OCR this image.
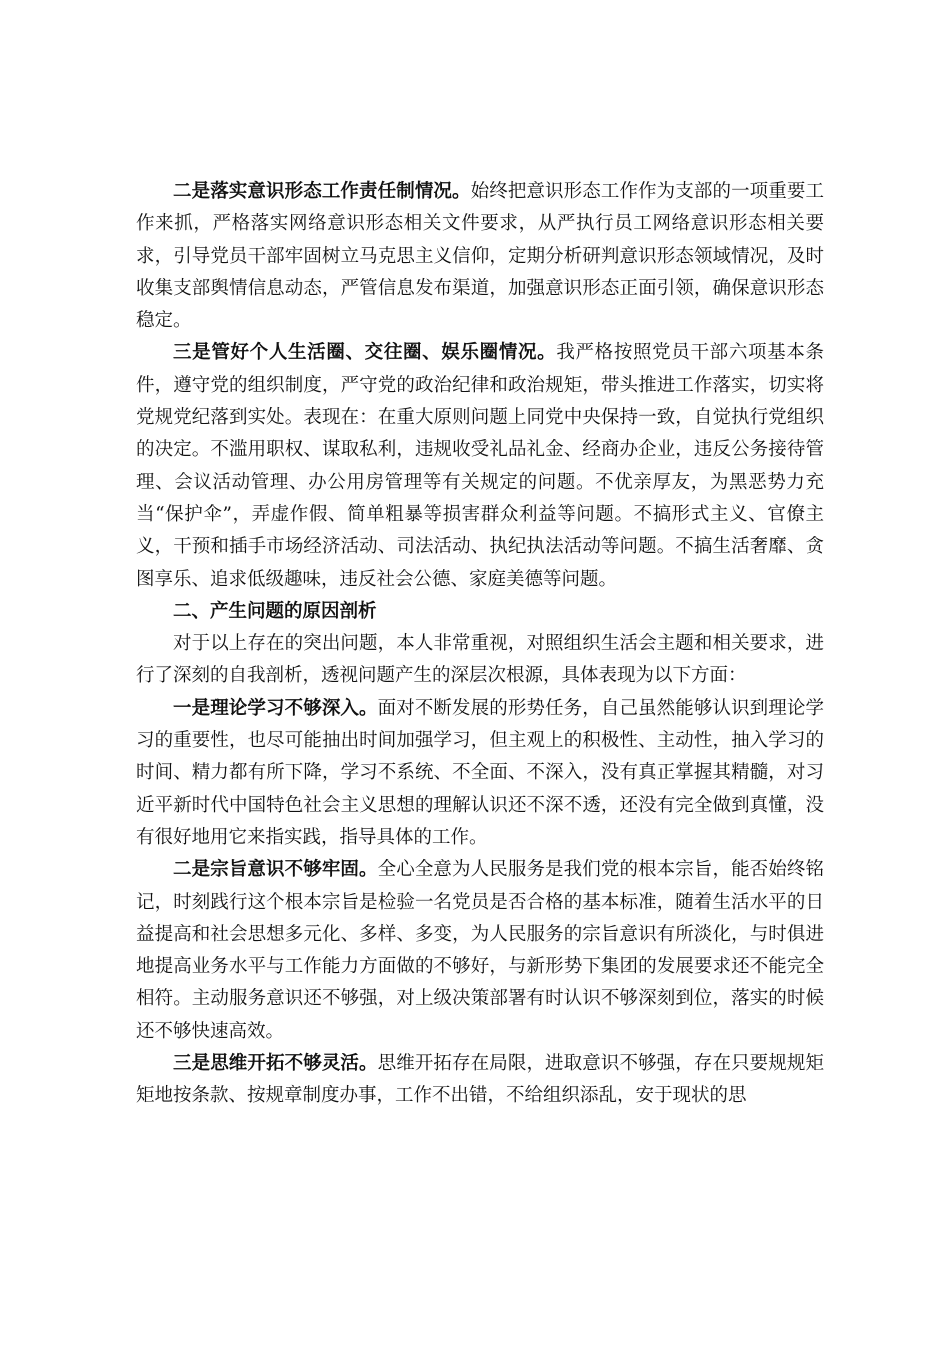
二是落实意识形态工作责任制情况。始终把意识形态工作作为支部的一项重要工作来抓，严格落实网络意识形态相关文件要求，从严执行员工网络意识形态相关要求，引导党员干部牢固树立马克思主义信仰，定期分析研判意识形态领域情况，及时收集支部舆情信息动态，严管信息发布渠道，加强意识形态正面引领，确保意识形态稳定。

三是管好个人生活圈、交往圈、娱乐圈情况。我严格按照党员干部六项基本条件，遵守党的组织制度，严守党的政治纪律和政治规矩，带头推进工作落实，切实将党规党纪落到实处。表现在：在重大原则问题上同党中央保持一致，自觉执行党组织的决定。不滥用职权、谋取私利，违规收受礼品礼金、经商办企业，违反公务接待管理、会议活动管理、办公用房管理等有关规定的问题。不优亲厚友，为黑恶势力充当“保护伞”，弄虚作假、简单粗暴等损害群众利益等问题。不搞形式主义、官僚主义，干预和插手市场经济活动、司法活动、执纪执法活动等问题。不搞生活奢靡、贪图享乐、追求低级趣味，违反社会公德、家庭美德等问题。

二、产生问题的原因剖析

对于以上存在的突出问题，本人非常重视，对照组织生活会主题和相关要求，进行了深刻的自我剖析，透视问题产生的深层次根源，具体表现为以下方面：

一是理论学习不够深入。面对不断发展的形势任务，自己虽然能够认识到理论学习的重要性，也尽可能抽出时间加强学习，但主观上的积极性、主动性，抽入学习的时间、精力都有所下降，学习不系统、不全面、不深入，没有真正掌握其精髓，对习近平新时代中国特色社会主义思想的理解认识还不深不透，还没有完全做到真懂，没有很好地用它来指实践，指导具体的工作。

二是宗旨意识不够牢固。全心全意为人民服务是我们党的根本宗旨，能否始终铭记，时刻践行这个根本宗旨是检验一名党员是否合格的基本标准，随着生活水平的日益提高和社会思想多元化、多样、多变，为人民服务的宗旨意识有所淡化，与时俱进地提高业务水平与工作能力方面做的不够好，与新形势下集团的发展要求还不能完全相符。主动服务意识还不够强，对上级决策部署有时认识不够深刻到位，落实的时候还不够快速高效。

三是思维开拓不够灵活。思维开拓存在局限，进取意识不够强，存在只要规规矩矩地按条款、按规章制度办事，工作不出错，不给组织添乱，安于现状的思
